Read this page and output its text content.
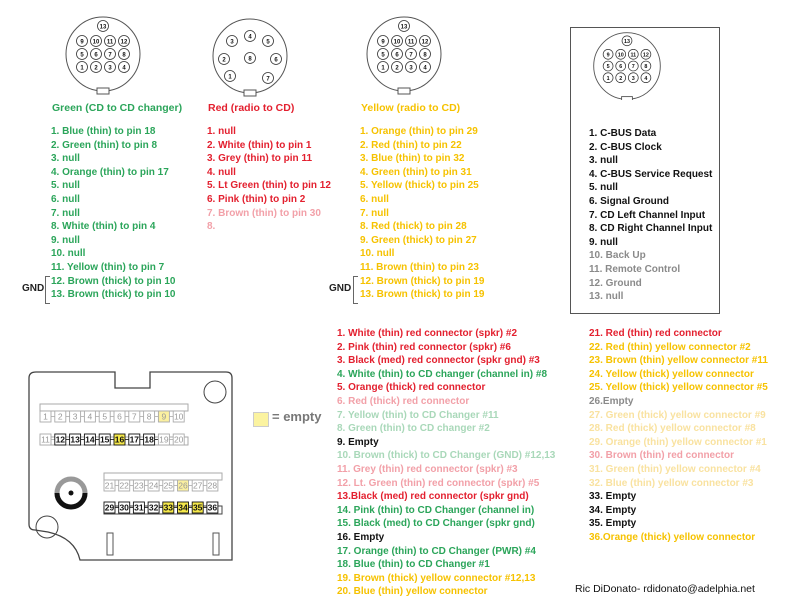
1 2 3 4
5 6 7 8
9 10 11 12
13
1
2
3
4
5
6
7
8
1 2 3 4
5 6 7 8
9 10 11 12
13
1 2 3 4
5 6 7 8
9 10 11 12
13
Green (CD to CD changer) Red (radio to CD)	Yellow (radio to CD)
1. Blue (thin) to pin 18
2. Green (thin) to pin 8
3. null
4. Orange (thin) to pin 17
5. null
6. null
7. null
8. White (thin) to pin 4
9. null
10. null
11. Yellow (thin) to pin 7
12. Brown (thick) to pin 10
13. Brown (thick) to pin 10
1. null
2. White (thin) to pin 1
3. Grey (thin) to pin 11
4. null
5. Lt Green (thin) to pin 12
6. Pink (thin) to pin 2
7. Brown (thin) to pin 30
8.
1. Orange (thin) to pin 29
2. Red (thin) to pin 22
3. Blue (thin) to pin 32
4. Green (thin) to pin 31
5. Yellow (thick) to pin 25
6. null
7. null
8. Red (thick) to pin 28
9. Green (thick) to pin 27
10. null
11. Brown (thin) to pin 23
12. Brown (thick) to pin 19
13. Brown (thick) to pin 19
1. C-BUS Data
2. C-BUS Clock
3. null
4. C-BUS Service Request
5. null
6. Signal Ground
7. CD Left Channel Input
8. CD Right Channel Input
9. null
10. Back Up
11. Remote Control
12. Ground
13. null
GND	GND
1 2 3 4 5 6 7 8 9 10
11 12 13 14 15 16 17 18 19 20
21 22 23 24 25 26 27 28
29 30 31 32 33 34 35 36
= empty
1. White (thin) red connector (spkr) #2
2. Pink (thin) red connector (spkr) #6
3. Black (med) red connector (spkr gnd) #3
4. White (thin) to CD changer (channel in) #8
5. Orange (thick) red connector
6. Red (thick) red connector
7. Yellow (thin) to CD Changer #11
8. Green (thin) to CD changer #2
9. Empty
10. Brown (thick) to CD Changer (GND) #12,13
11. Grey (thin) red connector (spkr) #3
12. Lt. Green (thin) red connector (spkr) #5
13.Black (med) red connector (spkr gnd)
14. Pink (thin) to CD Changer (channel in)
15. Black (med) to CD Changer (spkr gnd)
16. Empty
17. Orange (thin) to CD Changer (PWR) #4
18. Blue (thin) to CD Changer #1
19. Brown (thick) yellow connector #12,13
20. Blue (thin) yellow connector
21. Red (thin) red connector
22. Red (thin) yellow connector #2
23. Brown (thin) yellow connector #11
24. Yellow (thick) yellow connector
25. Yellow (thick) yellow connector #5
26.Empty
27. Green (thick) yellow connector #9
28. Red (thick) yellow connector #8
29. Orange (thin) yellow connector #1
30. Brown (thin) red connector
31. Green (thin) yellow connector #4
32. Blue (thin) yellow connector #3
33. Empty
34. Empty
35. Empty
36.Orange (thick) yellow connector
Ric DiDonato- rdidonato@adelphia.net
